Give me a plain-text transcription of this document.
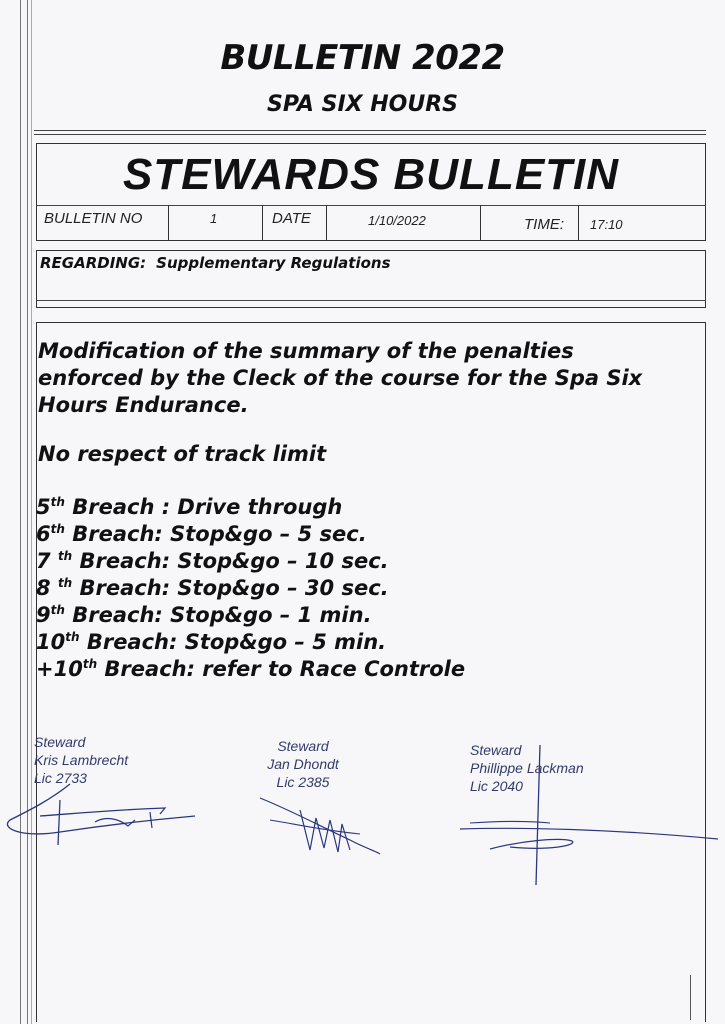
BULLETIN 2022
SPA SIX HOURS
STEWARDS BULLETIN
BULLETIN NO	1	DATE	1/10/2022	TIME: 17:10
REGARDING: Supplementary Regulations
Modification of the summary of the penalties
enforced by the Cleck of the course for the Spa Six
Hours Endurance.
No respect of track limit
5th Breach : Drive through
6th Breach: Stop&go – 5 sec.
7 $^{th}$ Breach: Stop&go – 10 sec.
8 $^{th}$ Breach: Stop&go – 30 sec.
9th Breach: Stop&go – 1 min.
10th Breach: Stop&go – 5 min.
+10th Breach: refer to Race Controle
Steward
Kris Lambrecht
Lic 2733
Steward
Jan Dhondt
Lic 2385
Steward
Phillippe Lackman
Lic 2040
